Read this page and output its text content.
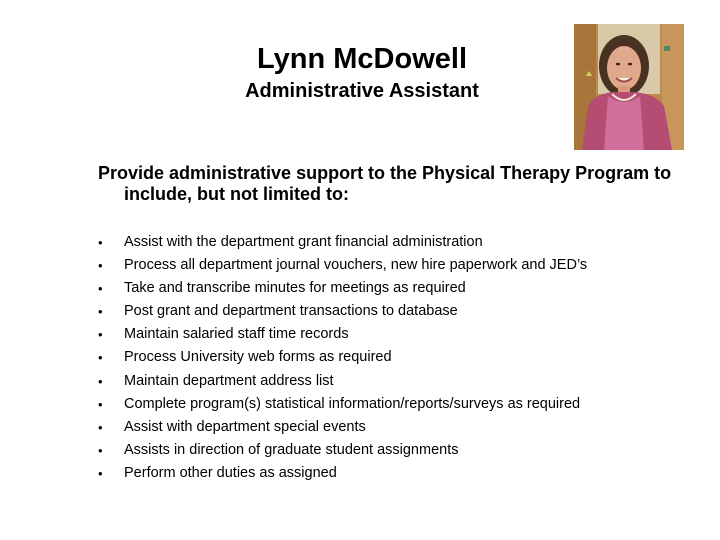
Lynn McDowell
Administrative Assistant

Provide administrative support to the Physical Therapy Program to include, but not limited to:

• Assist with the department grant financial administration
• Process all department journal vouchers, new hire paperwork and JED’s
• Take and transcribe minutes for meetings as required
• Post grant and department transactions to database
• Maintain salaried staff time records
• Process University web forms as required
• Maintain department address list
• Complete program(s) statistical information/reports/surveys as required
• Assist with department special events
• Assists in direction of graduate student assignments
• Perform other duties as assigned
